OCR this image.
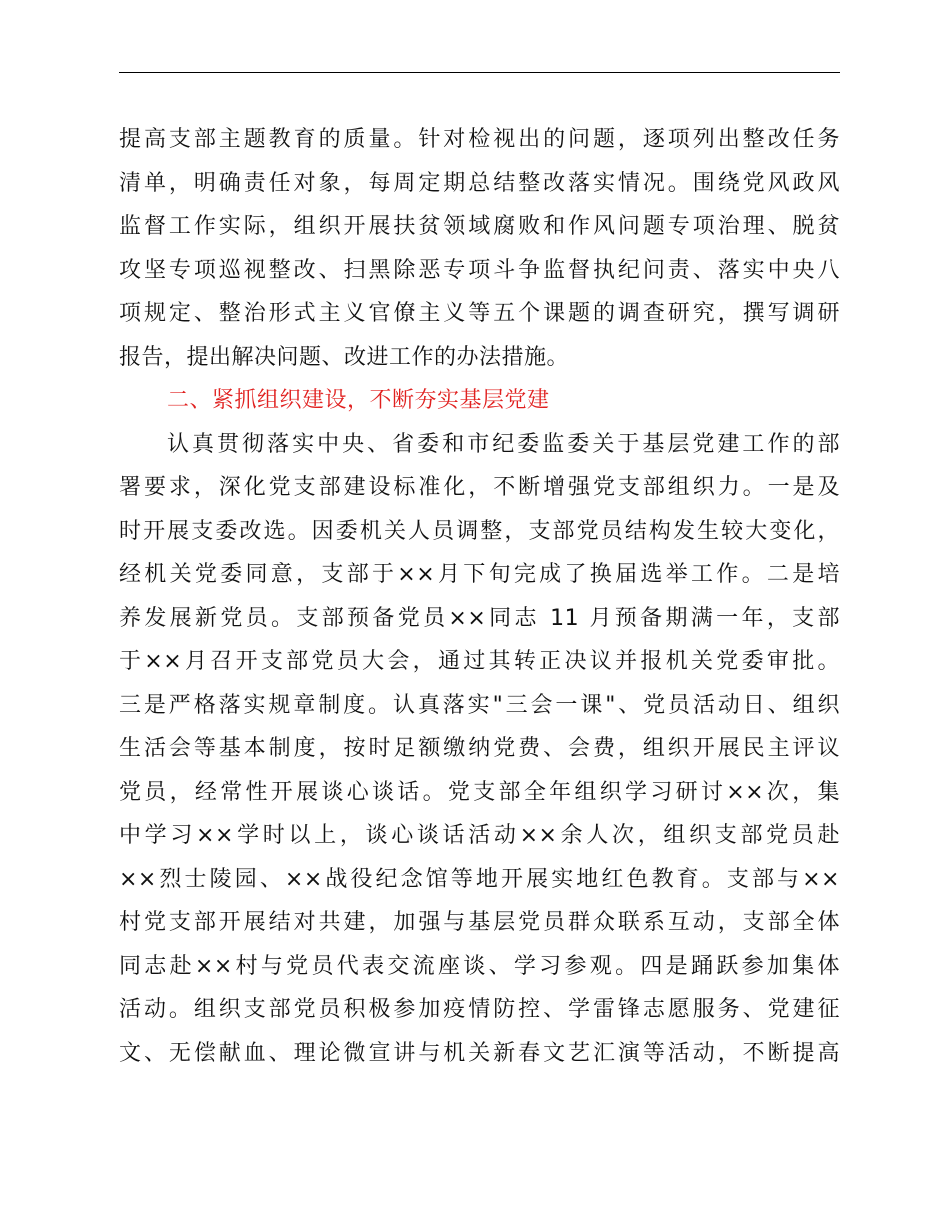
提高支部主题教育的质量。针对检视出的问题，逐项列出整改任务
清单，明确责任对象，每周定期总结整改落实情况。围绕党风政风
监督工作实际，组织开展扶贫领域腐败和作风问题专项治理、脱贫
攻坚专项巡视整改、扫黑除恶专项斗争监督执纪问责、落实中央八
项规定、整治形式主义官僚主义等五个课题的调查研究，撰写调研
报告，提出解决问题、改进工作的办法措施。
二、紧抓组织建设，不断夯实基层党建
认真贯彻落实中央、省委和市纪委监委关于基层党建工作的部
署要求，深化党支部建设标准化，不断增强党支部组织力。一是及
时开展支委改选。因委机关人员调整，支部党员结构发生较大变化，
经机关党委同意，支部于××月下旬完成了换届选举工作。二是培
养发展新党员。支部预备党员××同志 11 月预备期满一年，支部
于××月召开支部党员大会，通过其转正决议并报机关党委审批。
三是严格落实规章制度。认真落实"三会一课"、党员活动日、组织
生活会等基本制度，按时足额缴纳党费、会费，组织开展民主评议
党员，经常性开展谈心谈话。党支部全年组织学习研讨××次，集
中学习××学时以上，谈心谈话活动××余人次，组织支部党员赴
××烈士陵园、××战役纪念馆等地开展实地红色教育。支部与××
村党支部开展结对共建，加强与基层党员群众联系互动，支部全体
同志赴××村与党员代表交流座谈、学习参观。四是踊跃参加集体
活动。组织支部党员积极参加疫情防控、学雷锋志愿服务、党建征
文、无偿献血、理论微宣讲与机关新春文艺汇演等活动，不断提高
